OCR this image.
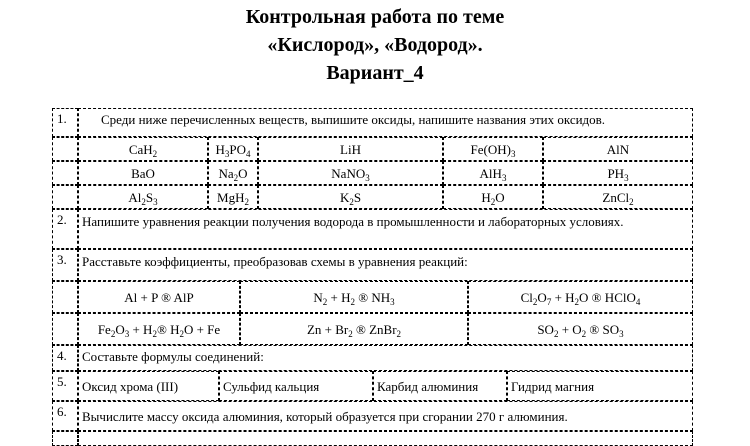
Контрольная работа по теме
«Кислород», «Водород».
Вариант_4
1.	Среди ниже перечисленных веществ, выпишите оксиды, напишите названия этих оксидов.
CaH$_2$	$H_3PO_4$	LiH	$Fe(OH)_3$	AlN
BaO	$Na_2O$	NaNO$_3$	AlH$_3$	$PH_3$
$Al_2S_3$	MgH$_2$	$K_2S$	$H_2O$	ZnCl$_2$
2.	Напишите уравнения реакции получения водорода в промышленности и лабораторных условиях.
3.	Расставьте коэффициенты, преобразовав схемы в уравнения реакций:
Al + P ® AlP	$N_2 + H_2$ ® $NH_3$	$Cl_2O_7 + H_2O$ ® HClO$_4$
$Fe_2O_3$ + $H_2®$ $H_2O + Fe$	$Zn + Br_2$ ® ZnBr$_2$	$SO_2 + O_2$ ® $SO_3$
4.	Составьте формулы соединений:
5.	Оксид хрома (III)	Сульфид кальция	Карбид алюминия	Гидрид магния
6.	Вычислите массу оксида алюминия, который образуется при сгорании 270 г алюминия.
